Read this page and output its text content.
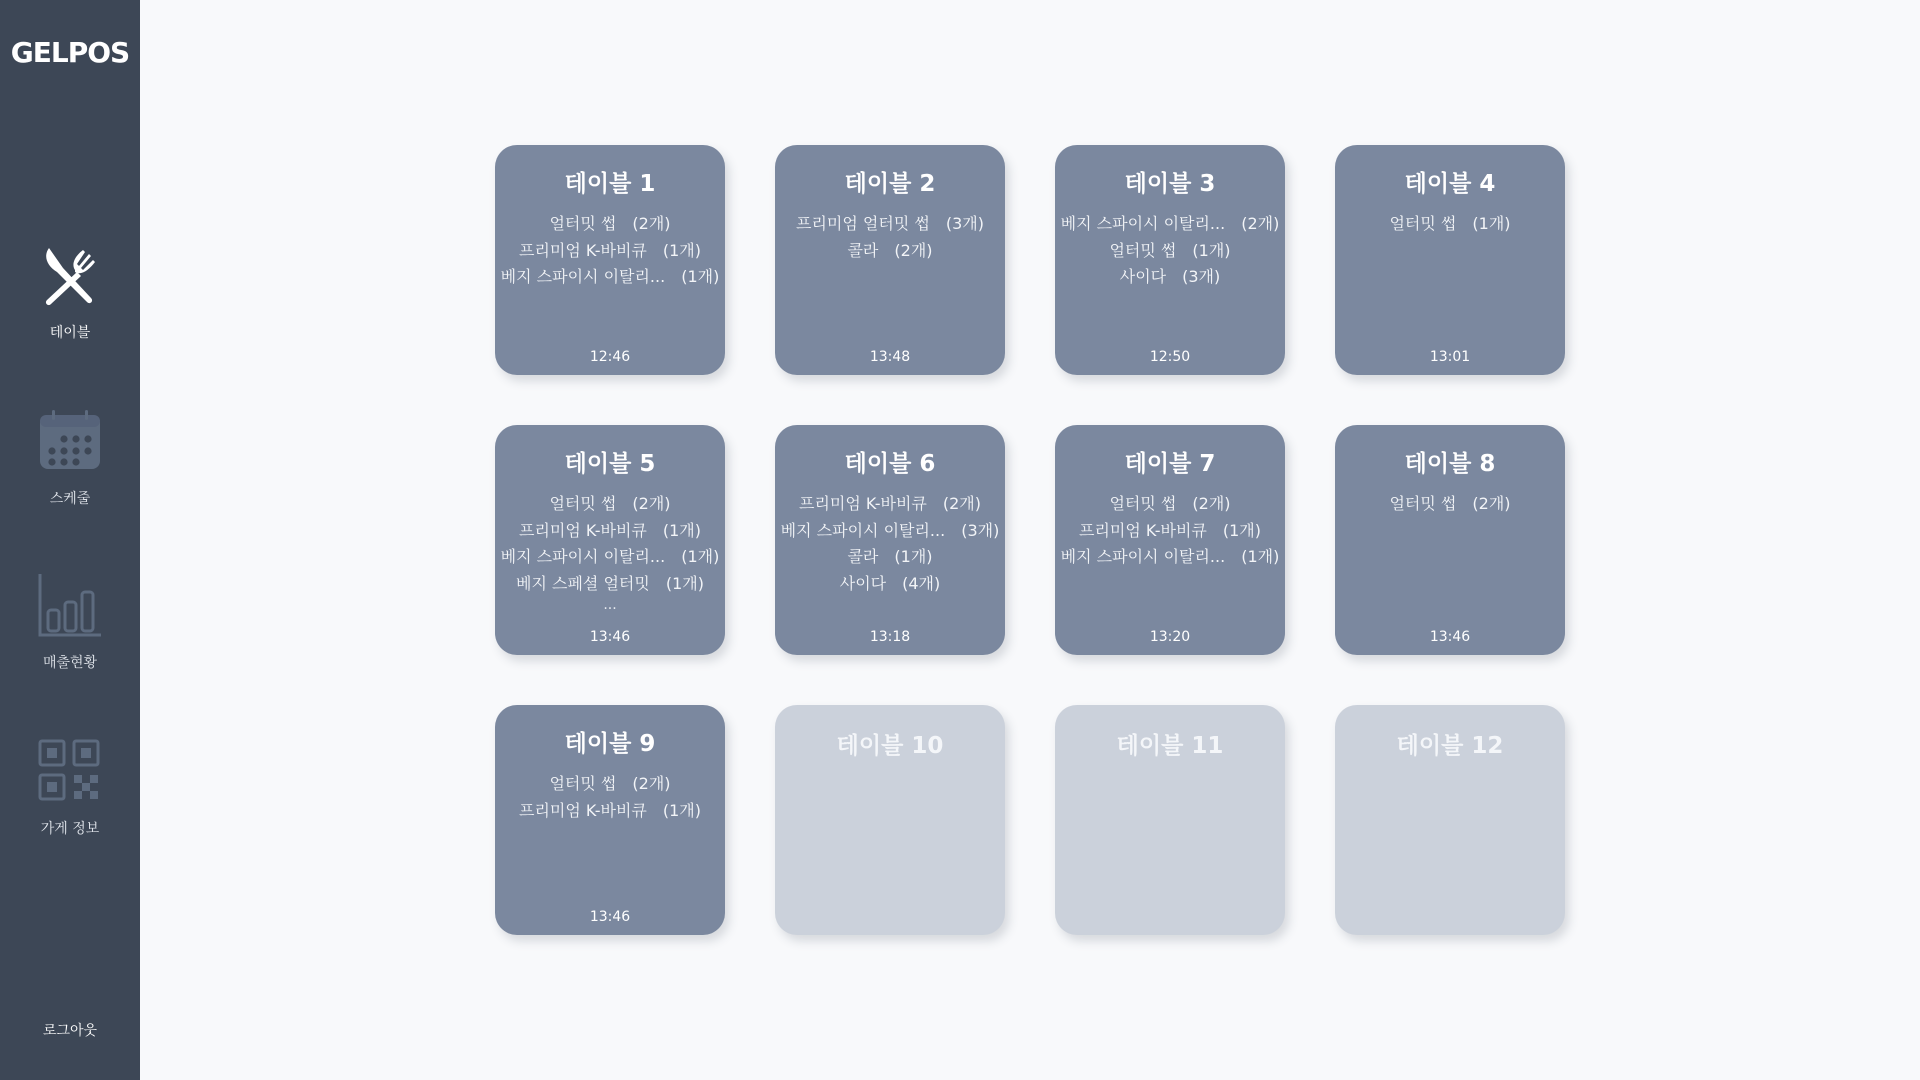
GELPOS
테이블
스케줄
매출현황
가게 정보
로그아웃
테이블 1
얼터밋 썹 (2개)
프리미엄 K-바비큐 (1개)
베지 스파이시 이탈리... (1개)
12:46
테이블 2
프리미엄 얼터밋 썹 (3개)
콜라 (2개)
13:48
테이블 3
베지 스파이시 이탈리... (2개)
얼터밋 썹 (1개)
사이다 (3개)
12:50
테이블 4
얼터밋 썹 (1개)
13:01
테이블 5
얼터밋 썹 (2개)
프리미엄 K-바비큐 (1개)
베지 스파이시 이탈리... (1개)
베지 스페셜 얼터밋 (1개)
...
13:46
테이블 6
프리미엄 K-바비큐 (2개)
베지 스파이시 이탈리... (3개)
콜라 (1개)
사이다 (4개)
13:18
테이블 7
얼터밋 썹 (2개)
프리미엄 K-바비큐 (1개)
베지 스파이시 이탈리... (1개)
13:20
테이블 8
얼터밋 썹 (2개)
13:46
테이블 9
얼터밋 썹 (2개)
프리미엄 K-바비큐 (1개)
13:46
테이블 10	테이블 11	테이블 12
